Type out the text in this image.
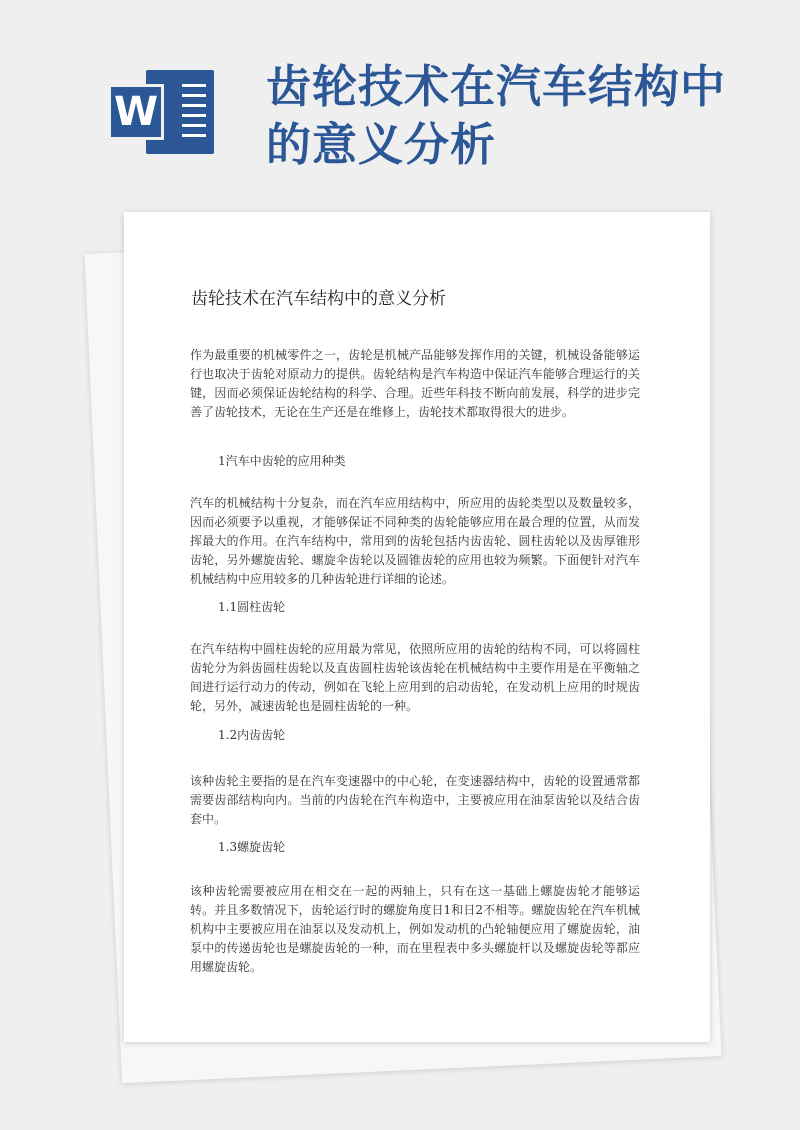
W 齿轮技术在汽车结构中的意义分析
齿轮技术在汽车结构中的意义分析

作为最重要的机械零件之一，齿轮是机械产品能够发挥作用的关键，机械设备能够运行也取决于齿轮对原动力的提供。齿轮结构是汽车构造中保证汽车能够合理运行的关键，因而必须保证齿轮结构的科学、合理。近些年科技不断向前发展，科学的进步完善了齿轮技术，无论在生产还是在维修上，齿轮技术都取得很大的进步。

1汽车中齿轮的应用种类

汽车的机械结构十分复杂，而在汽车应用结构中，所应用的齿轮类型以及数量较多，因而必须要予以重视，才能够保证不同种类的齿轮能够应用在最合理的位置，从而发挥最大的作用。在汽车结构中，常用到的齿轮包括内齿齿轮、圆柱齿轮以及齿厚锥形齿轮，另外螺旋齿轮、螺旋伞齿轮以及圆锥齿轮的应用也较为频繁。下面便针对汽车机械结构中应用较多的几种齿轮进行详细的论述。

1.1圆柱齿轮

在汽车结构中圆柱齿轮的应用最为常见，依照所应用的齿轮的结构不同，可以将圆柱齿轮分为斜齿圆柱齿轮以及直齿圆柱齿轮该齿轮在机械结构中主要作用是在平衡轴之间进行运行动力的传动，例如在飞轮上应用到的启动齿轮，在发动机上应用的时规齿轮，另外，减速齿轮也是圆柱齿轮的一种。

1.2内齿齿轮

该种齿轮主要指的是在汽车变速器中的中心轮，在变速器结构中，齿轮的设置通常都需要齿部结构向内。当前的内齿轮在汽车构造中，主要被应用在油泵齿轮以及结合齿套中。

1.3螺旋齿轮

该种齿轮需要被应用在相交在一起的两轴上，只有在这一基础上螺旋齿轮才能够运转。并且多数情况下，齿轮运行时的螺旋角度日1和日2不相等。螺旋齿轮在汽车机械机构中主要被应用在油泵以及发动机上，例如发动机的凸轮轴便应用了螺旋齿轮，油泵中的传递齿轮也是螺旋齿轮的一种，而在里程表中多头螺旋杆以及螺旋齿轮等都应用螺旋齿轮。
